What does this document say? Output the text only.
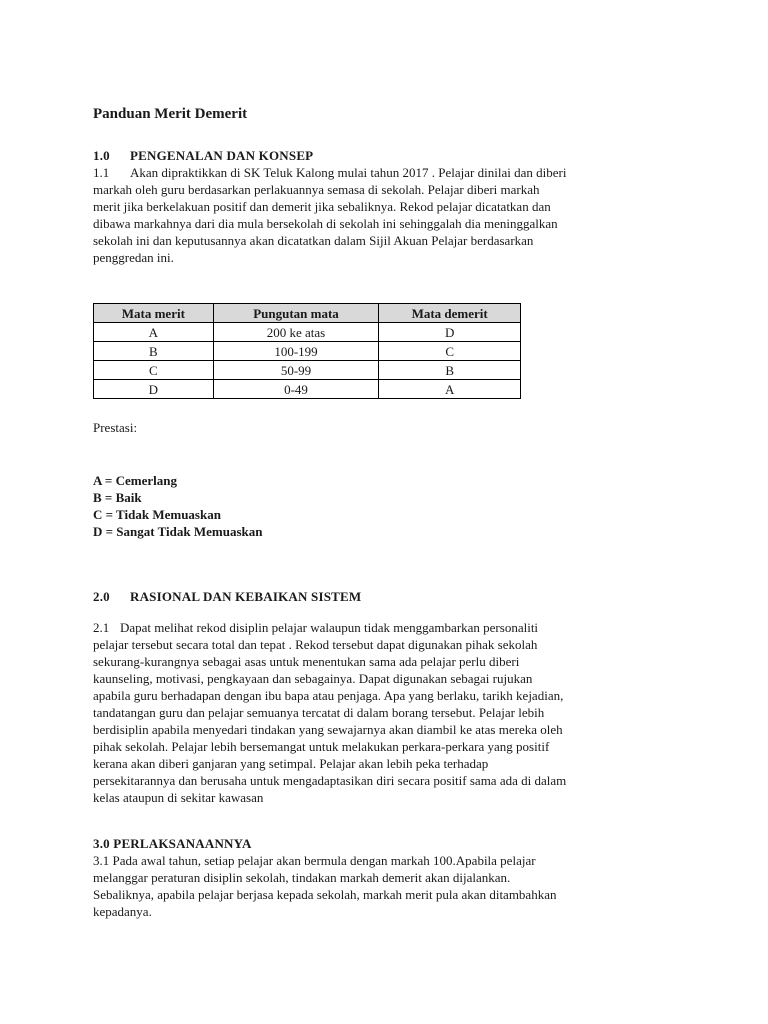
Panduan Merit Demerit
1.0 PENGENALAN DAN KONSEP

1.1 Akan dipraktikkan di SK Teluk Kalong mulai tahun 2017 . Pelajar dinilai dan diberi

markah oleh guru berdasarkan perlakuannya semasa di sekolah. Pelajar diberi markah

merit jika berkelakuan positif dan demerit jika sebaliknya. Rekod pelajar dicatatkan dan

dibawa markahnya dari dia mula bersekolah di sekolah ini sehinggalah dia meninggalkan

sekolah ini dan keputusannya akan dicatatkan dalam Sijil Akuan Pelajar berdasarkan

penggredan ini.

Mata merit	Pungutan mata	Mata demerit
A	200 ke atas	D
B	100-199	C
C	50-99	B
D	0-49	A

Prestasi:

A = Cemerlang

B = Baik

C = Tidak Memuaskan

D = Sangat Tidak Memuaskan

2.0 RASIONAL DAN KEBAIKAN SISTEM

2.1 Dapat melihat rekod disiplin pelajar walaupun tidak menggambarkan personaliti

pelajar tersebut secara total dan tepat . Rekod tersebut dapat digunakan pihak sekolah

sekurang-kurangnya sebagai asas untuk menentukan sama ada pelajar perlu diberi

kaunseling, motivasi, pengkayaan dan sebagainya. Dapat digunakan sebagai rujukan

apabila guru berhadapan dengan ibu bapa atau penjaga. Apa yang berlaku, tarikh kejadian,

tandatangan guru dan pelajar semuanya tercatat di dalam borang tersebut. Pelajar lebih

berdisiplin apabila menyedari tindakan yang sewajarnya akan diambil ke atas mereka oleh

pihak sekolah. Pelajar lebih bersemangat untuk melakukan perkara-perkara yang positif

kerana akan diberi ganjaran yang setimpal. Pelajar akan lebih peka terhadap

persekitarannya dan berusaha untuk mengadaptasikan diri secara positif sama ada di dalam

kelas ataupun di sekitar kawasan

3.0 PERLAKSANAANNYA

3.1 Pada awal tahun, setiap pelajar akan bermula dengan markah 100.Apabila pelajar

melanggar peraturan disiplin sekolah, tindakan markah demerit akan dijalankan.

Sebaliknya, apabila pelajar berjasa kepada sekolah, markah merit pula akan ditambahkan

kepadanya.
